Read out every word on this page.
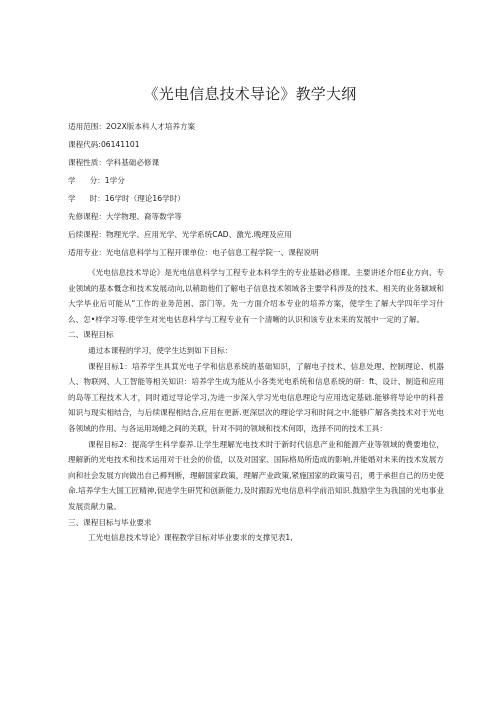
《光电信息技术导论》教学大纲
适用范围：2O2X版本科人才培养方案
课程代码:06141101
课程性质：学科基础必修课
学 分：1学分
学 时：16学时（理论16学时）
先修课程：大学物理、裔等数学等
后续课程：物理光学、应用光学、光学系统CAD、激光.晚理及应用
适用专业：光电信息科学与工程开课单位：电子信息工程学院一、课程说明

《光电信息技术导论》是光电信息科学与工程专业本科学生的专业基础必修课。主要讲述介绍£业方向、专业领域的基本慨念和技术发展动向,以稍助他们了解电子信息技术领域各主要学科涉及的技术、相关的业务颖域和大学毕业后可能从“工作的业务范困、部门等。先一方面介绍本专业的培养方案，使学生了解大学四年学习什么、怎•样学习等.使学生对光电估息科学与工程专业有一个清晰的认识和该专业未来的发展中一定的了解。

二、课程目标

通过本课程的学习，使学生达到如下目标：

课程目标1：培养学生具萁光电子学和信息系统的基础知识，了解电子技术、信息处理、控制理论、机器人、物联网、人工智能等相关知识：培养学生成为能从小各类光电系统和信息系统的研：ft、设计、制造和应用的岛等工程技术人才，同时通过导论学习,为进一步深入学习光电信息理论与应用选定基础.能够将导论中的科普知识与现实相结合，与后续课程相结合,应用在更新.更深层次的理论学习和时间之中.能够广解各类技术对于光电各领域的作用、与各运用场蜷之间的关联，针对不同的领域和技术何即，选择不同的技术工具：

课程目标2：提高学生科学泰养.让学生理解光电技术时于新时代信息产业和能源产业等领域的费要地位，理解新的光电技术和技术运用对于社会的价值，以及对国家、国际格局所造成的影响,并能婚对未来的技术发展方向和社会发展方向做出自己褥判断，理解国家政策，理解产业政策,紧施国家的政策号召，勇于承担自己的历史使命.培养学生大国工匠精神,促进学生研咒和创新能力,及时跟踪光电信息科学前沿知识.鼓励学生为我国的光电事业发展贡献力量。

三、课程目标与毕业要求

工光电信息技术导论》课程教学目标对毕业要求的支撑见表1,
